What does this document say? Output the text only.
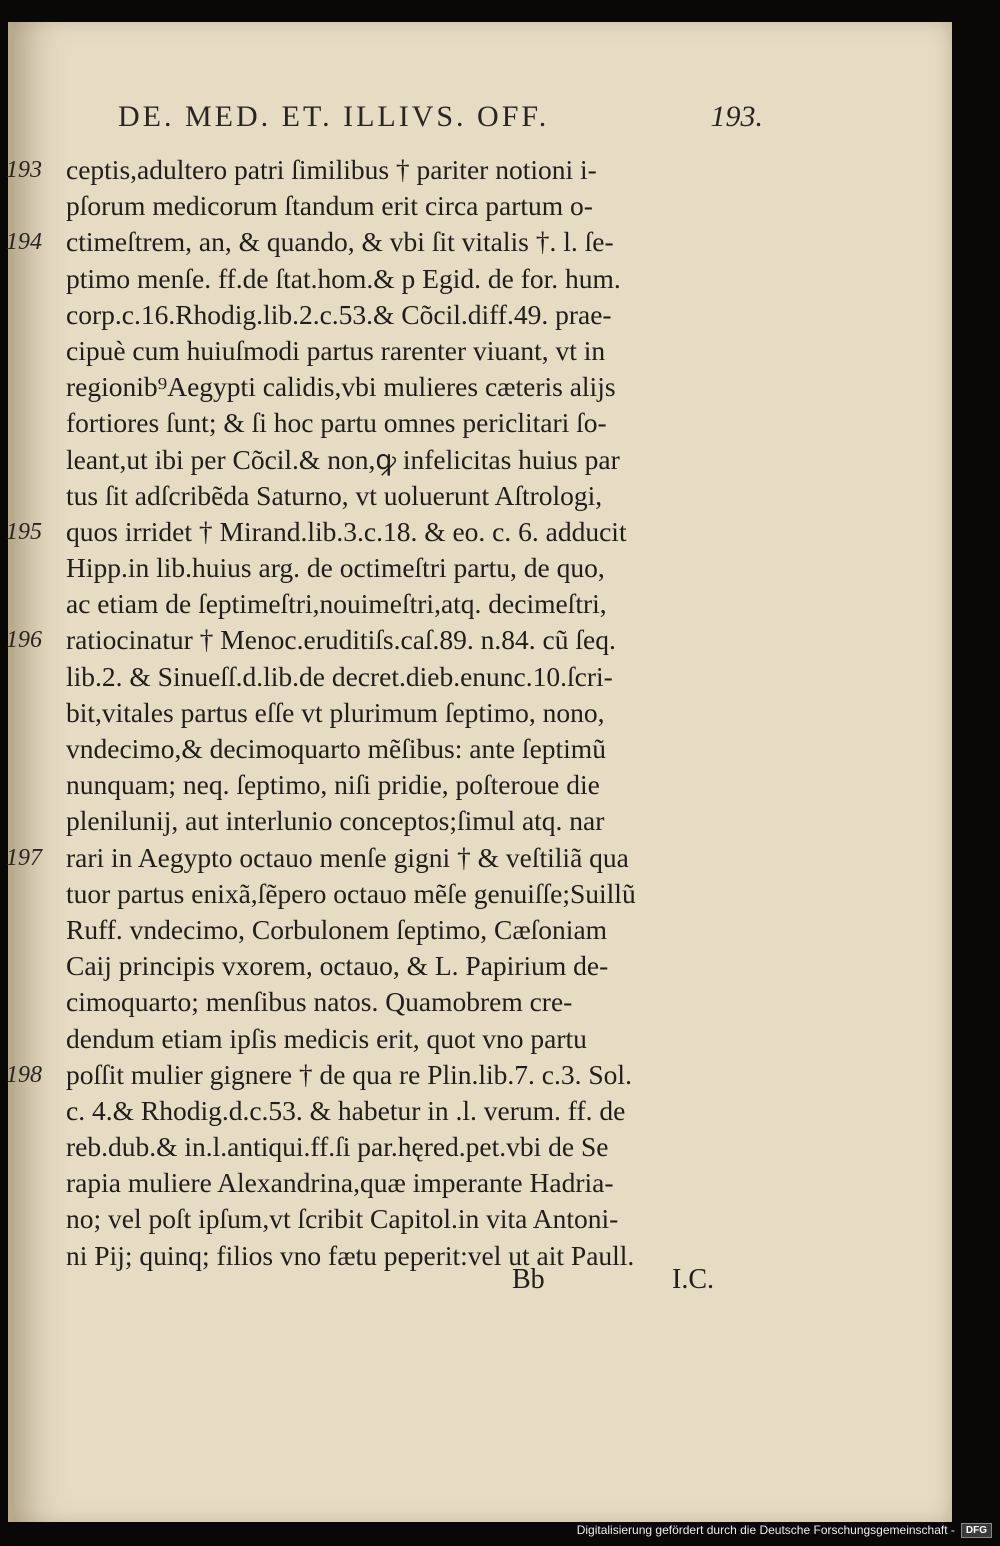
DE. MED. ET. ILLIVS. OFF.	193.
193 ceptis,adultero patri ſimilibus † pariter notioni i-
pſorum medicorum ſtandum erit circa partum o-
194 ctimeſtrem, an, & quando, & vbi ſit vitalis †. l. ſe-
ptimo menſe. ff.de ſtat.hom.& p Egid. de for. hum.
corp.c.16.Rhodig.lib.2.c.53.& Cõcil.diff.49. prae-
cipuè cum huiuſmodi partus rarenter viuant, vt in
regionib⁹Aegypti calidis,vbi mulieres cæteris alijs
fortiores ſunt; & ſi hoc partu omnes periclitari ſo-
leant,ut ibi per Cõcil.& non,ꝙ infelicitas huius par
tus ſit adſcribẽda Saturno, vt uoluerunt Aſtrologi,
195 quos irridet † Mirand.lib.3.c.18. & eo. c. 6. adducit
Hipp.in lib.huius arg. de octimeſtri partu, de quo,
ac etiam de ſeptimeſtri,nouimeſtri,atq. decimeſtri,
196 ratiocinatur † Menoc.eruditiſs.caſ.89. n.84. cũ ſeq.
lib.2. & Sinueſſ.d.lib.de decret.dieb.enunc.10.ſcri-
bit,vitales partus eſſe vt plurimum ſeptimo, nono,
vndecimo,& decimoquarto mẽſibus: ante ſeptimũ
nunquam; neq. ſeptimo, niſi pridie, poſteroue die
plenilunij, aut interlunio conceptos;ſimul atq. nar
197 rari in Aegypto octauo menſe gigni † & veſtiliã qua
tuor partus enixã,ſẽpero octauo mẽſe genuiſſe;Suillũ
Ruff. vndecimo, Corbulonem ſeptimo, Cæſoniam
Caij principis vxorem, octauo, & L. Papirium de-
cimoquarto; menſibus natos. Quamobrem cre-
dendum etiam ipſis medicis erit, quot vno partu
198 poſſit mulier gignere † de qua re Plin.lib.7. c.3. Sol.
c. 4.& Rhodig.d.c.53. & habetur in .l. verum. ff. de
reb.dub.& in.l.antiqui.ff.ſi par.hęred.pet.vbi de Se
rapia muliere Alexandrina,quæ imperante Hadria-
no; vel poſt ipſum,vt ſcribit Capitol.in vita Antoni-
ni Pij; quinq; filios vno fætu peperit:vel ut ait Paull.
Bb	I.C.
Digitalisierung gefördert durch die Deutsche Forschungsgemeinschaft -	DFG
